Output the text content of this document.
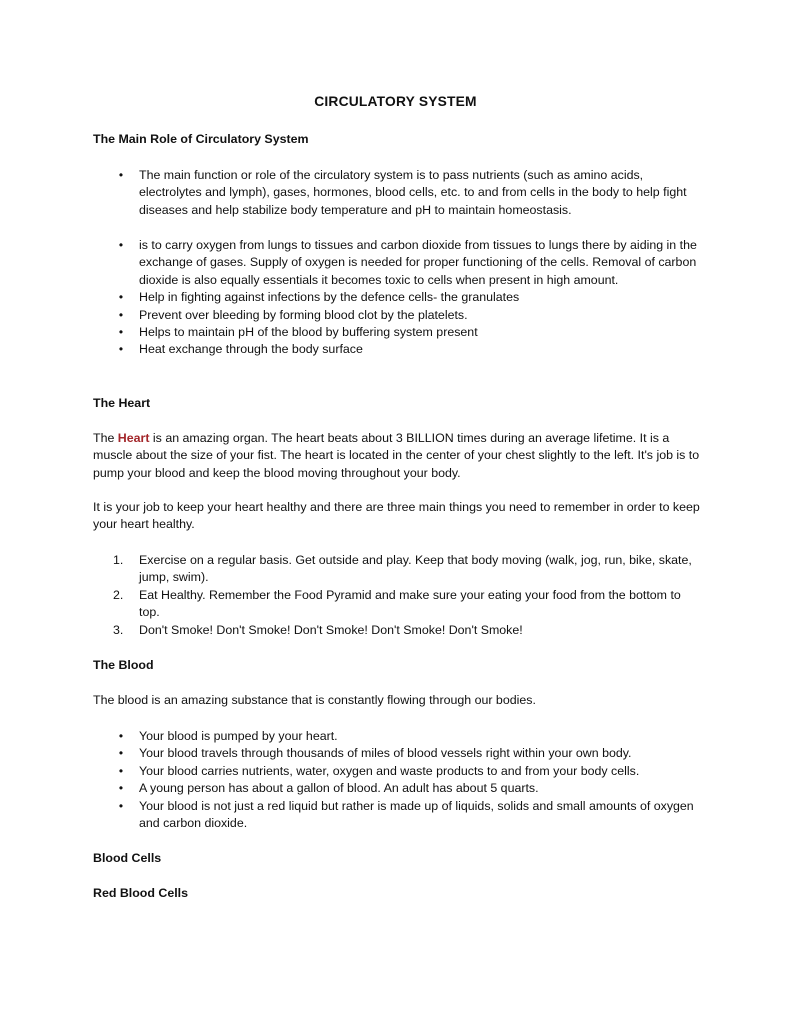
CIRCULATORY SYSTEM
The Main Role of Circulatory System
•	The main function or role of the circulatory system is to pass nutrients (such as amino acids, electrolytes and lymph), gases, hormones, blood cells, etc. to and from cells in the body to help fight diseases and help stabilize body temperature and pH to maintain homeostasis.
•	is to carry oxygen from lungs to tissues and carbon dioxide from tissues to lungs there by aiding in the exchange of gases. Supply of oxygen is needed for proper functioning of the cells. Removal of carbon dioxide is also equally essentials it becomes toxic to cells when present in high amount.
•	Help in fighting against infections by the defence cells- the granulates
•	Prevent over bleeding by forming blood clot by the platelets.
•	Helps to maintain pH of the blood by buffering system present
•	Heat exchange through the body surface
The Heart
The Heart is an amazing organ. The heart beats about 3 BILLION times during an average lifetime. It is a muscle about the size of your fist. The heart is located in the center of your chest slightly to the left. It's job is to pump your blood and keep the blood moving throughout your body.
It is your job to keep your heart healthy and there are three main things you need to remember in order to keep your heart healthy.
1.	Exercise on a regular basis. Get outside and play. Keep that body moving (walk, jog, run, bike, skate, jump, swim).
2.	Eat Healthy. Remember the Food Pyramid and make sure your eating your food from the bottom to top.
3.	Don't Smoke! Don't Smoke! Don't Smoke! Don't Smoke! Don't Smoke!
The Blood
The blood is an amazing substance that is constantly flowing through our bodies.
•	Your blood is pumped by your heart.
•	Your blood travels through thousands of miles of blood vessels right within your own body.
•	Your blood carries nutrients, water, oxygen and waste products to and from your body cells.
•	A young person has about a gallon of blood. An adult has about 5 quarts.
•	Your blood is not just a red liquid but rather is made up of liquids, solids and small amounts of oxygen and carbon dioxide.
Blood Cells
Red Blood Cells
